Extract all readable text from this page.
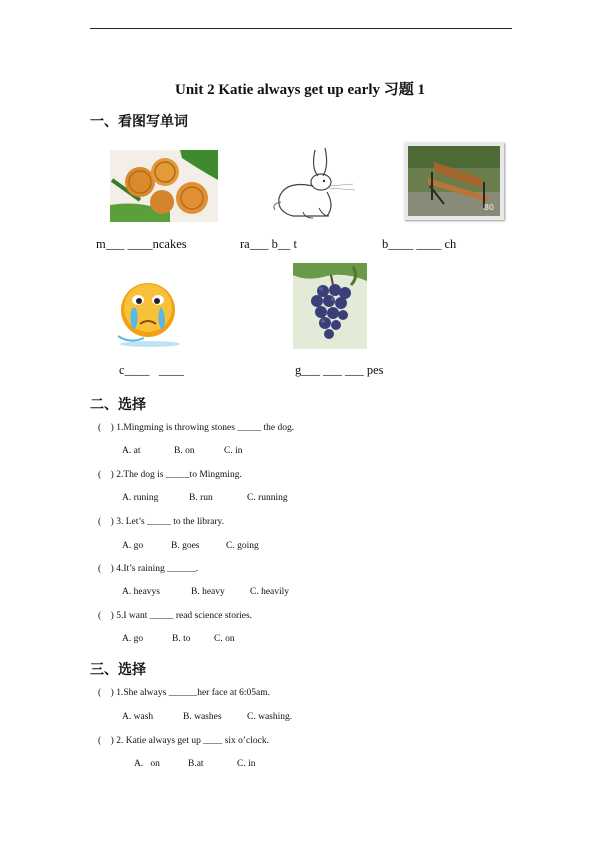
Unit 2 Katie always get up early 习题 1
一、看图写单词
80
m___ ____ncakes	ra___ b__ t	b____ ____ ch
c____   ____	g___ ___ ___ pes
二、选择
(    ) 1.Mingming is throwing stones _____ the dog.
A. at	B. on	C. in
(    ) 2.The dog is _____to Mingming.
A. runing	B. run	C. running
(    ) 3. Let’s _____ to the library.
A. go	B. goes	C. going
(    ) 4.It’s raining ______.
A. heavys	B. heavy	C. heavily
(    ) 5.I want _____ read science stories.
A. go	B. to C. on
三、选择
(    ) 1.She always ______her face at 6:05am.
A. wash	B. washes	C. washing.
(    ) 2. Katie always get up ____ six o’clock.
A.   on	B.at	C. in
